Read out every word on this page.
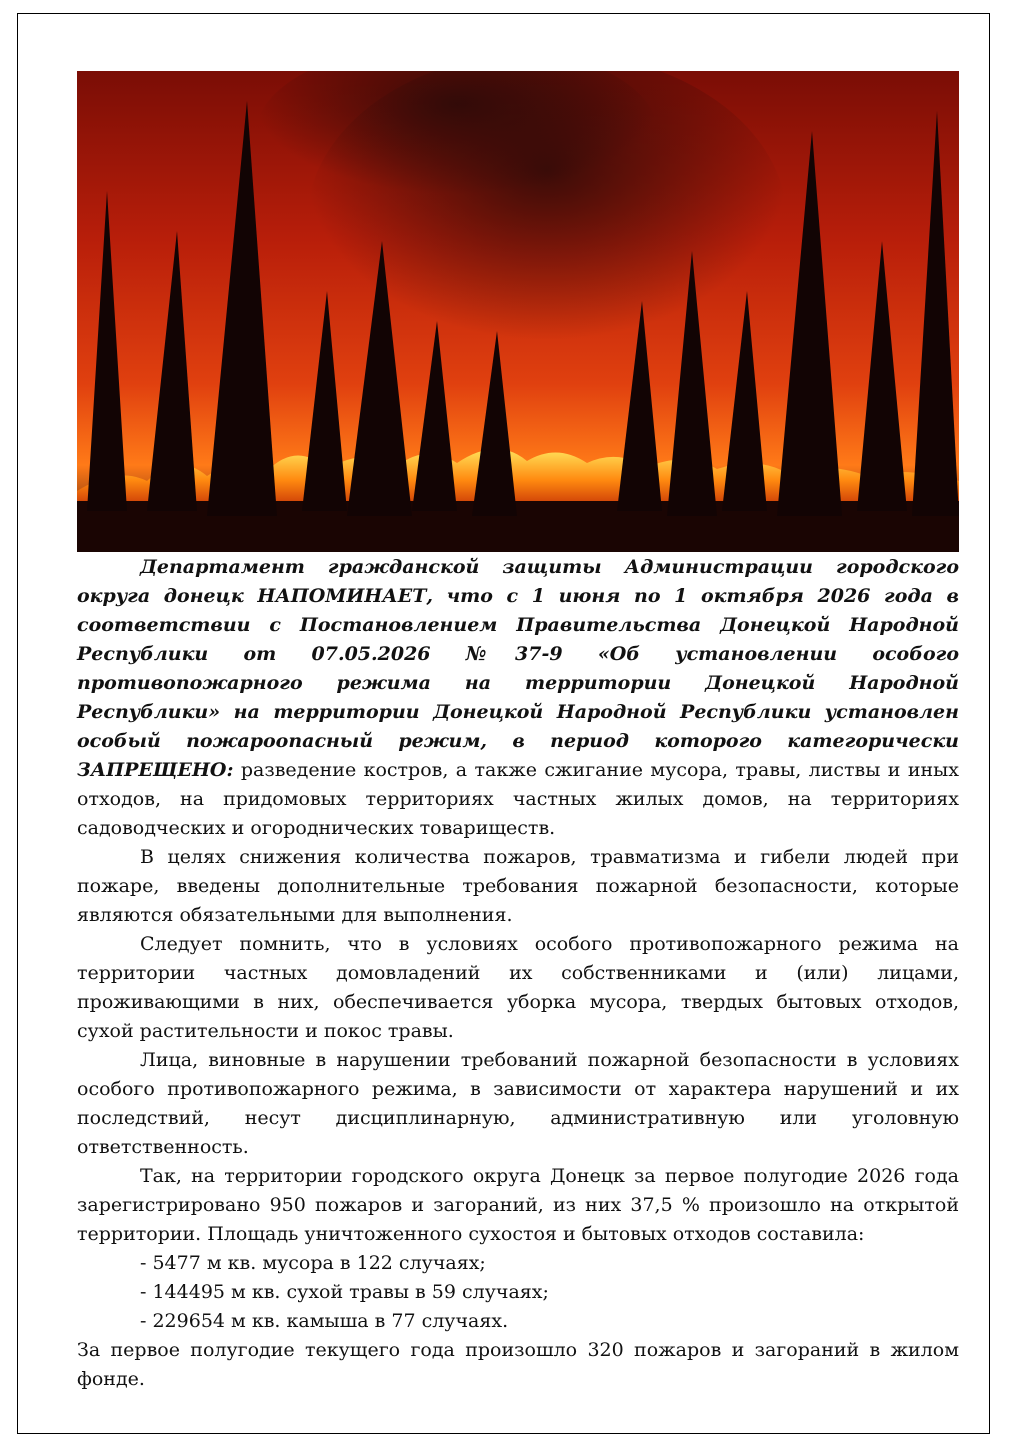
Департамент гражданской защиты Администрации городского округа донецк НАПОМИНАЕТ, что с 1 июня по 1 октября 2026 года в соответствии с Постановлением Правительства Донецкой Народной Республики от 07.05.2026 №37-9 «Об установлении особого противопожарного режима на территории Донецкой Народной Республики» на территории Донецкой Народной Республики установлен особый пожароопасный режим, в период которого категорически ЗАПРЕЩЕНО: разведение костров, а также сжигание мусора, травы, листвы и иных отходов, на придомовых территориях частных жилых домов, на территориях садоводческих и огороднических товариществ.

В целях снижения количества пожаров, травматизма и гибели людей при пожаре, введены дополнительные требования пожарной безопасности, которые являются обязательными для выполнения.

Следует помнить, что в условиях особого противопожарного режима на территории частных домовладений их собственниками и (или) лицами, проживающими в них, обеспечивается уборка мусора, твердых бытовых отходов, сухой растительности и покос травы.

Лица, виновные в нарушении требований пожарной безопасности в условиях особого противопожарного режима, в зависимости от характера нарушений и их последствий, несут дисциплинарную, административную или уголовную ответственность.

Так, на территории городского округа Донецк за первое полугодие 2026 года зарегистрировано 950 пожаров и загораний, из них 37,5 % произошло на открытой территории. Площадь уничтоженного сухостоя и бытовых отходов составила:

- 5477 м кв. мусора в 122 случаях;

- 144495 м кв. сухой травы в 59 случаях;

- 229654 м кв. камыша в 77 случаях.

За первое полугодие текущего года произошло 320 пожаров и загораний в жилом фонде.
